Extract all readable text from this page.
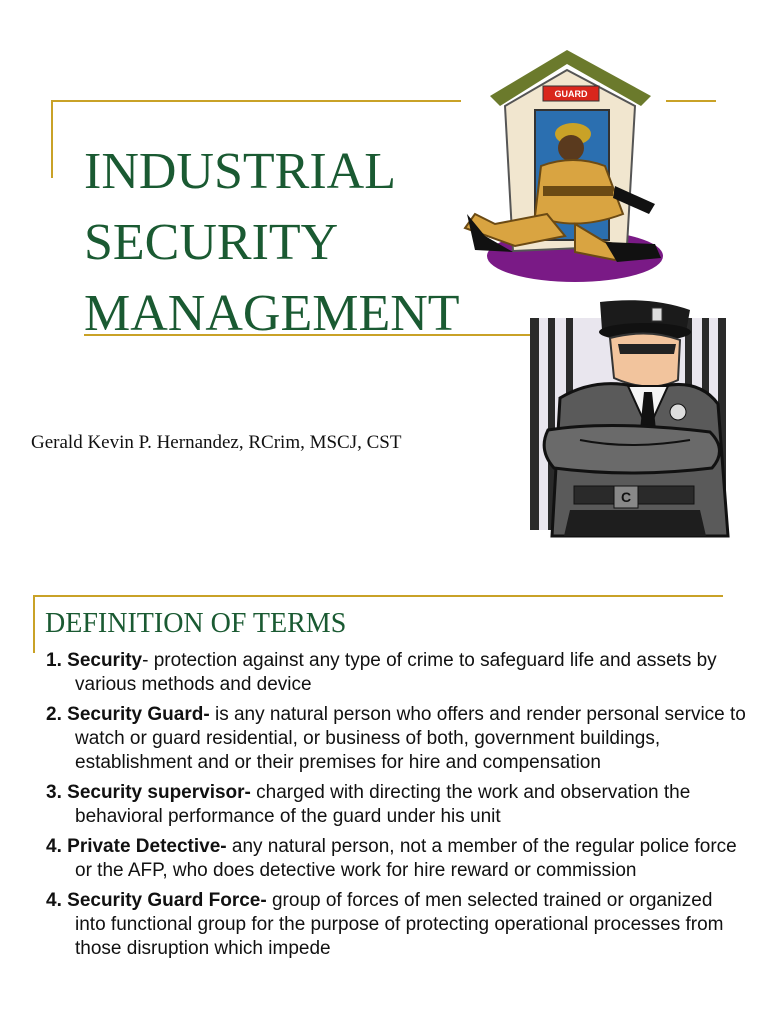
INDUSTRIAL
SECURITY
MANAGEMENT
Gerald Kevin P. Hernandez, RCrim, MSCJ, CST
GUARD
C
DEFINITION OF TERMS
1. Security- protection against any type of crime to safeguard life and assets by various methods and device
2. Security Guard- is any natural person who offers and render personal service to watch or guard residential, or business of both, government buildings, establishment and or their premises for hire and compensation
3. Security supervisor- charged with directing the work and observation the behavioral performance of the guard under his unit
4. Private Detective- any natural person, not a member of the regular police force or the AFP, who does detective work for hire reward or commission
4. Security Guard Force- group of forces of men selected trained or organized into functional group for the purpose of protecting operational processes from those disruption which impede
